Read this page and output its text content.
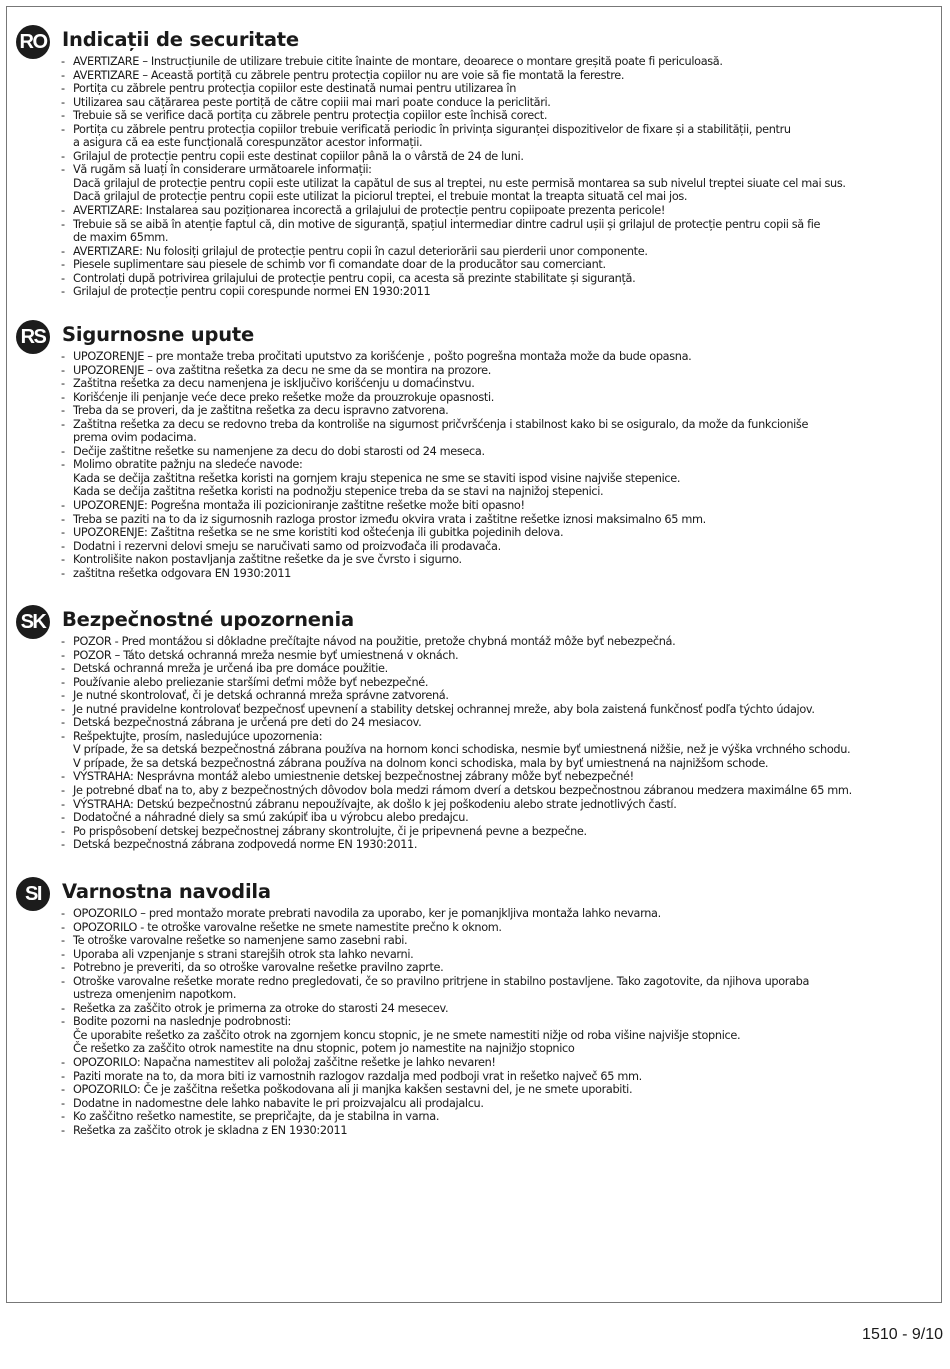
RO Indicații de securitate
- AVERTIZARE – Instrucțiunile de utilizare trebuie citite înainte de montare, deoarece o montare greșită poate fi periculoasă.
- AVERTIZARE – Această portiță cu zăbrele pentru protecția copiilor nu are voie să fie montată la ferestre.
- Portița cu zăbrele pentru protecția copiilor este destinată numai pentru utilizarea în
- Utilizarea sau cățărarea peste portiță de către copiii mai mari poate conduce la periclitări.
- Trebuie să se verifice dacă portița cu zăbrele pentru protecția copiilor este închisă corect.
- Portița cu zăbrele pentru protecția copiilor trebuie verificată periodic în privința siguranței dispozitivelor de fixare și a stabilității, pentru
a asigura că ea este funcțională corespunzător acestor informații.
- Grilajul de protecție pentru copii este destinat copiilor până la o vârstă de 24 de luni.
- Vă rugăm să luați în considerare următoarele informații:
Dacă grilajul de protecție pentru copii este utilizat la capătul de sus al treptei, nu este permisă montarea sa sub nivelul treptei siuate cel mai sus.
Dacă grilajul de protecție pentru copii este utilizat la piciorul treptei, el trebuie montat la treapta situată cel mai jos.
- AVERTIZARE: Instalarea sau poziționarea incorectă a grilajului de protecție pentru copiipoate prezenta pericole!
- Trebuie să se aibă în atenție faptul că, din motive de siguranță, spațiul intermediar dintre cadrul ușii și grilajul de protecție pentru copii să fie
de maxim 65mm.
- AVERTIZARE: Nu folosiți grilajul de protecție pentru copii în cazul deteriorării sau pierderii unor componente.
- Piesele suplimentare sau piesele de schimb vor fi comandate doar de la producător sau comerciant.
- Controlați după potrivirea grilajului de protecție pentru copii, ca acesta să prezinte stabilitate și siguranță.
- Grilajul de protecție pentru copii corespunde normei EN 1930:2011
RS Sigurnosne upute
- UPOZORENJE – pre montaže treba pročitati uputstvo za korišćenje , pošto pogrešna montaža može da bude opasna.
- UPOZORENJE – ova zaštitna rešetka za decu ne sme da se montira na prozore.
- Zaštitna rešetka za decu namenjena je isključivo korišćenju u domaćinstvu.
- Korišćenje ili penjanje veće dece preko rešetke može da prouzrokuje opasnosti.
- Treba da se proveri, da je zaštitna rešetka za decu ispravno zatvorena.
- Zaštitna rešetka za decu se redovno treba da kontroliše na sigurnost pričvršćenja i stabilnost kako bi se osiguralo, da može da funkcioniše
prema ovim podacima.
- Dečije zaštitne rešetke su namenjene za decu do dobi starosti od 24 meseca.
- Molimo obratite pažnju na sledeće navode:
Kada se dečija zaštitna rešetka koristi na gornjem kraju stepenica ne sme se staviti ispod visine najviše stepenice.
Kada se dečija zaštitna rešetka koristi na podnožju stepenice treba da se stavi na najnižoj stepenici.
- UPOZORENJE: Pogrešna montaža ili pozicioniranje zaštitne rešetke može biti opasno!
- Treba se paziti na to da iz sigurnosnih razloga prostor između okvira vrata i zaštitne rešetke iznosi maksimalno 65 mm.
- UPOZORENJE: Zaštitna rešetka se ne sme koristiti kod oštećenja ili gubitka pojedinih delova.
- Dodatni i rezervni delovi smeju se naručivati samo od proizvođača ili prodavača.
- Kontrolišite nakon postavljanja zaštitne rešetke da je sve čvrsto i sigurno.
- zaštitna rešetka odgovara EN 1930:2011
SK Bezpečnostné upozornenia
- POZOR - Pred montážou si dôkladne prečítajte návod na použitie, pretože chybná montáž môže byť nebezpečná.
- POZOR – Táto detská ochranná mreža nesmie byť umiestnená v oknách.
- Detská ochranná mreža je určená iba pre domáce použitie.
- Používanie alebo preliezanie staršími deťmi môže byť nebezpečné.
- Je nutné skontrolovať, či je detská ochranná mreža správne zatvorená.
- Je nutné pravidelne kontrolovať bezpečnosť upevnení a stability detskej ochrannej mreže, aby bola zaistená funkčnosť podľa týchto údajov.
- Detská bezpečnostná zábrana je určená pre deti do 24 mesiacov.
- Rešpektujte, prosím, nasledujúce upozornenia:
V prípade, že sa detská bezpečnostná zábrana používa na hornom konci schodiska, nesmie byť umiestnená nižšie, než je výška vrchného schodu.
V prípade, že sa detská bezpečnostná zábrana používa na dolnom konci schodiska, mala by byť umiestnená na najnižšom schode.
- VÝSTRAHA: Nesprávna montáž alebo umiestnenie detskej bezpečnostnej zábrany môže byť nebezpečné!
- Je potrebné dbať na to, aby z bezpečnostných dôvodov bola medzi rámom dverí a detskou bezpečnostnou zábranou medzera maximálne 65 mm.
- VÝSTRAHA: Detskú bezpečnostnú zábranu nepoužívajte, ak došlo k jej poškodeniu alebo strate jednotlivých častí.
- Dodatočné a náhradné diely sa smú zakúpiť iba u výrobcu alebo predajcu.
- Po prispôsobení detskej bezpečnostnej zábrany skontrolujte, či je pripevnená pevne a bezpečne.
- Detská bezpečnostná zábrana zodpovedá norme EN 1930:2011.
SI	Varnostna navodila
- OPOZORILO – pred montažo morate prebrati navodila za uporabo, ker je pomanjkljiva montaža lahko nevarna.
- OPOZORILO - te otroške varovalne rešetke ne smete namestite prečno k oknom.
- Te otroške varovalne rešetke so namenjene samo zasebni rabi.
- Uporaba ali vzpenjanje s strani starejših otrok sta lahko nevarni.
- Potrebno je preveriti, da so otroške varovalne rešetke pravilno zaprte.
- Otroške varovalne rešetke morate redno pregledovati, če so pravilno pritrjene in stabilno postavljene. Tako zagotovite, da njihova uporaba
ustreza omenjenim napotkom.
- Rešetka za zaščito otrok je primerna za otroke do starosti 24 mesecev.
- Bodite pozorni na naslednje podrobnosti:
Če uporabite rešetko za zaščito otrok na zgornjem koncu stopnic, je ne smete namestiti nižje od roba višine najvišje stopnice.
Če rešetko za zaščito otrok namestite na dnu stopnic, potem jo namestite na najnižjo stopnico
- OPOZORILO: Napačna namestitev ali položaj zaščitne rešetke je lahko nevaren!
- Paziti morate na to, da mora biti iz varnostnih razlogov razdalja med podboji vrat in rešetko največ 65 mm.
- OPOZORILO: Če je zaščitna rešetka poškodovana ali ji manjka kakšen sestavni del, je ne smete uporabiti.
- Dodatne in nadomestne dele lahko nabavite le pri proizvajalcu ali prodajalcu.
- Ko zaščitno rešetko namestite, se prepričajte, da je stabilna in varna.
- Rešetka za zaščito otrok je skladna z EN 1930:2011
1510 - 9/10
